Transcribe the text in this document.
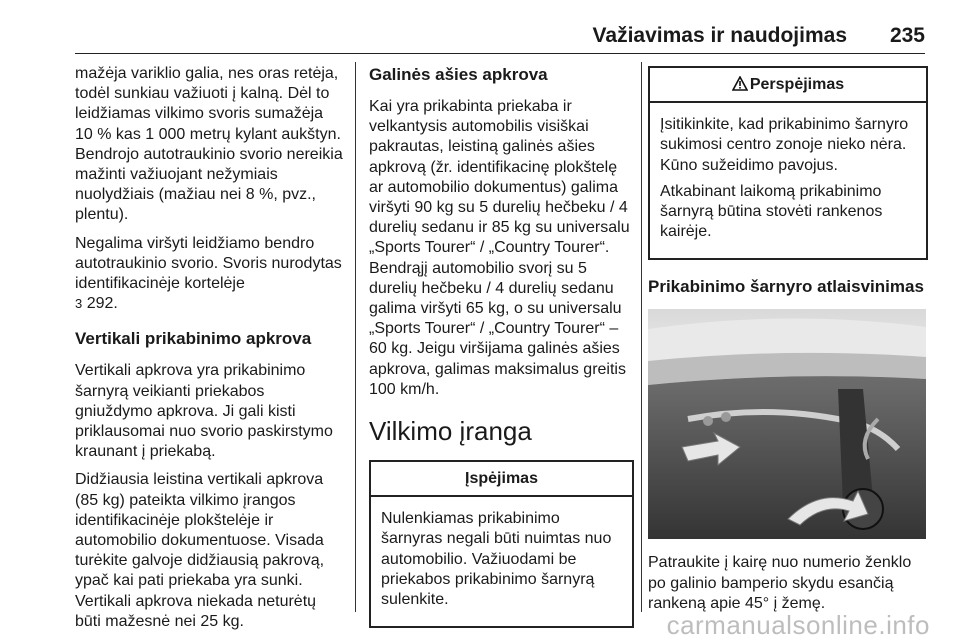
Važiavimas ir naudojimas 235

mažėja variklio galia, nes oras retėja, todėl sunkiau važiuoti į kalną. Dėl to leidžiamas vilkimo svoris sumažėja 10 % kas 1 000 metrų kylant aukštyn. Bendrojo autotraukinio svorio nereikia mažinti važiuojant nežymiais nuolydžiais (mažiau nei 8 %, pvz., plentu).

Negalima viršyti leidžiamo bendro autotraukinio svorio. Svoris nurodytas identifikacinėje kortelėje
3 292.

Vertikali prikabinimo apkrova

Vertikali apkrova yra prikabinimo šarnyrą veikianti priekabos gniuždymo apkrova. Ji gali kisti priklausomai nuo svorio paskirstymo kraunant į priekabą.

Didžiausia leistina vertikali apkrova (85 kg) pateikta vilkimo įrangos identifikacinėje plokštelėje ir automobilio dokumentuose. Visada turėkite galvoje didžiausią pakrovą, ypač kai pati priekaba yra sunki. Vertikali apkrova niekada neturėtų būti mažesnė nei 25 kg.

Galinės ašies apkrova

Kai yra prikabinta priekaba ir velkantysis automobilis visiškai pakrautas, leistiną galinės ašies apkrovą (žr. identifikacinę plokštelę ar automobilio dokumentus) galima viršyti 90 kg su 5 durelių hečbeku / 4 durelių sedanu ir 85 kg su universalu „Sports Tourer“ / „Country Tourer“. Bendrąjį automobilio svorį su 5 durelių hečbeku / 4 durelių sedanu galima viršyti 65 kg, o su universalu „Sports Tourer“ / „Country Tourer“ – 60 kg. Jeigu viršijama galinės ašies apkrova, galimas maksimalus greitis 100 km/h.

Vilkimo įranga
Įspėjimas

Nulenkiamas prikabinimo šarnyras negali būti nuimtas nuo automobilio. Važiuodami be priekabos prikabinimo šarnyrą sulenkite.

Perspėjimas

Įsitikinkite, kad prikabinimo šarnyro sukimosi centro zonoje nieko nėra. Kūno sužeidimo pavojus.

Atkabinant laikomą prikabinimo šarnyrą būtina stovėti rankenos kairėje.

Prikabinimo šarnyro atlaisvinimas

Patraukite į kairę nuo numerio ženklo po galinio bamperio skydu esančią rankeną apie 45° į žemę.

carmanualsonline.info
